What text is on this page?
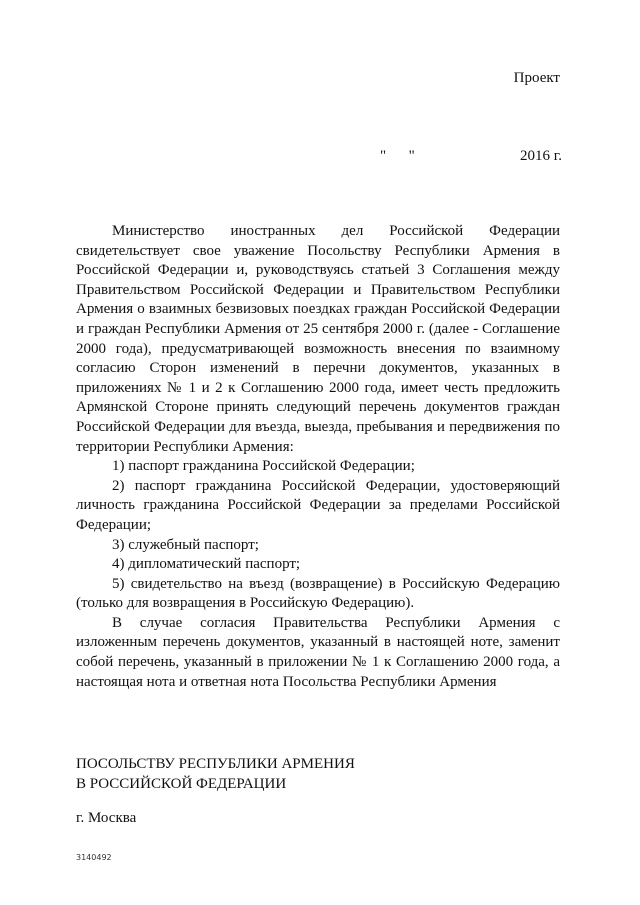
Проект
"      "	2016 г.

Министерство иностранных дел Российской Федерации свидетельствует свое уважение Посольству Республики Армения в Российской Федерации и, руководствуясь статьей 3 Соглашения между Правительством Российской Федерации и Правительством Республики Армения о взаимных безвизовых поездках граждан Российской Федерации и граждан Республики Армения от 25 сентября 2000 г. (далее - Соглашение 2000 года), предусматривающей возможность внесения по взаимному согласию Сторон изменений в перечни документов, указанных в приложениях № 1 и 2 к Соглашению 2000 года, имеет честь предложить Армянской Стороне принять следующий перечень документов граждан Российской Федерации для въезда, выезда, пребывания и передвижения по территории Республики Армения:

1) паспорт гражданина Российской Федерации;

2) паспорт гражданина Российской Федерации, удостоверяющий личность гражданина Российской Федерации за пределами Российской Федерации;

3) служебный паспорт;

4) дипломатический паспорт;

5) свидетельство на въезд (возвращение) в Российскую Федерацию (только для возвращения в Российскую Федерацию).

В случае согласия Правительства Республики Армения с изложенным перечень документов, указанный в настоящей ноте, заменит собой перечень, указанный в приложении № 1 к Соглашению 2000 года, а настоящая нота и ответная нота Посольства Республики Армения

ПОСОЛЬСТВУ РЕСПУБЛИКИ АРМЕНИЯ
В РОССИЙСКОЙ ФЕДЕРАЦИИ
г. Москва
3140492
